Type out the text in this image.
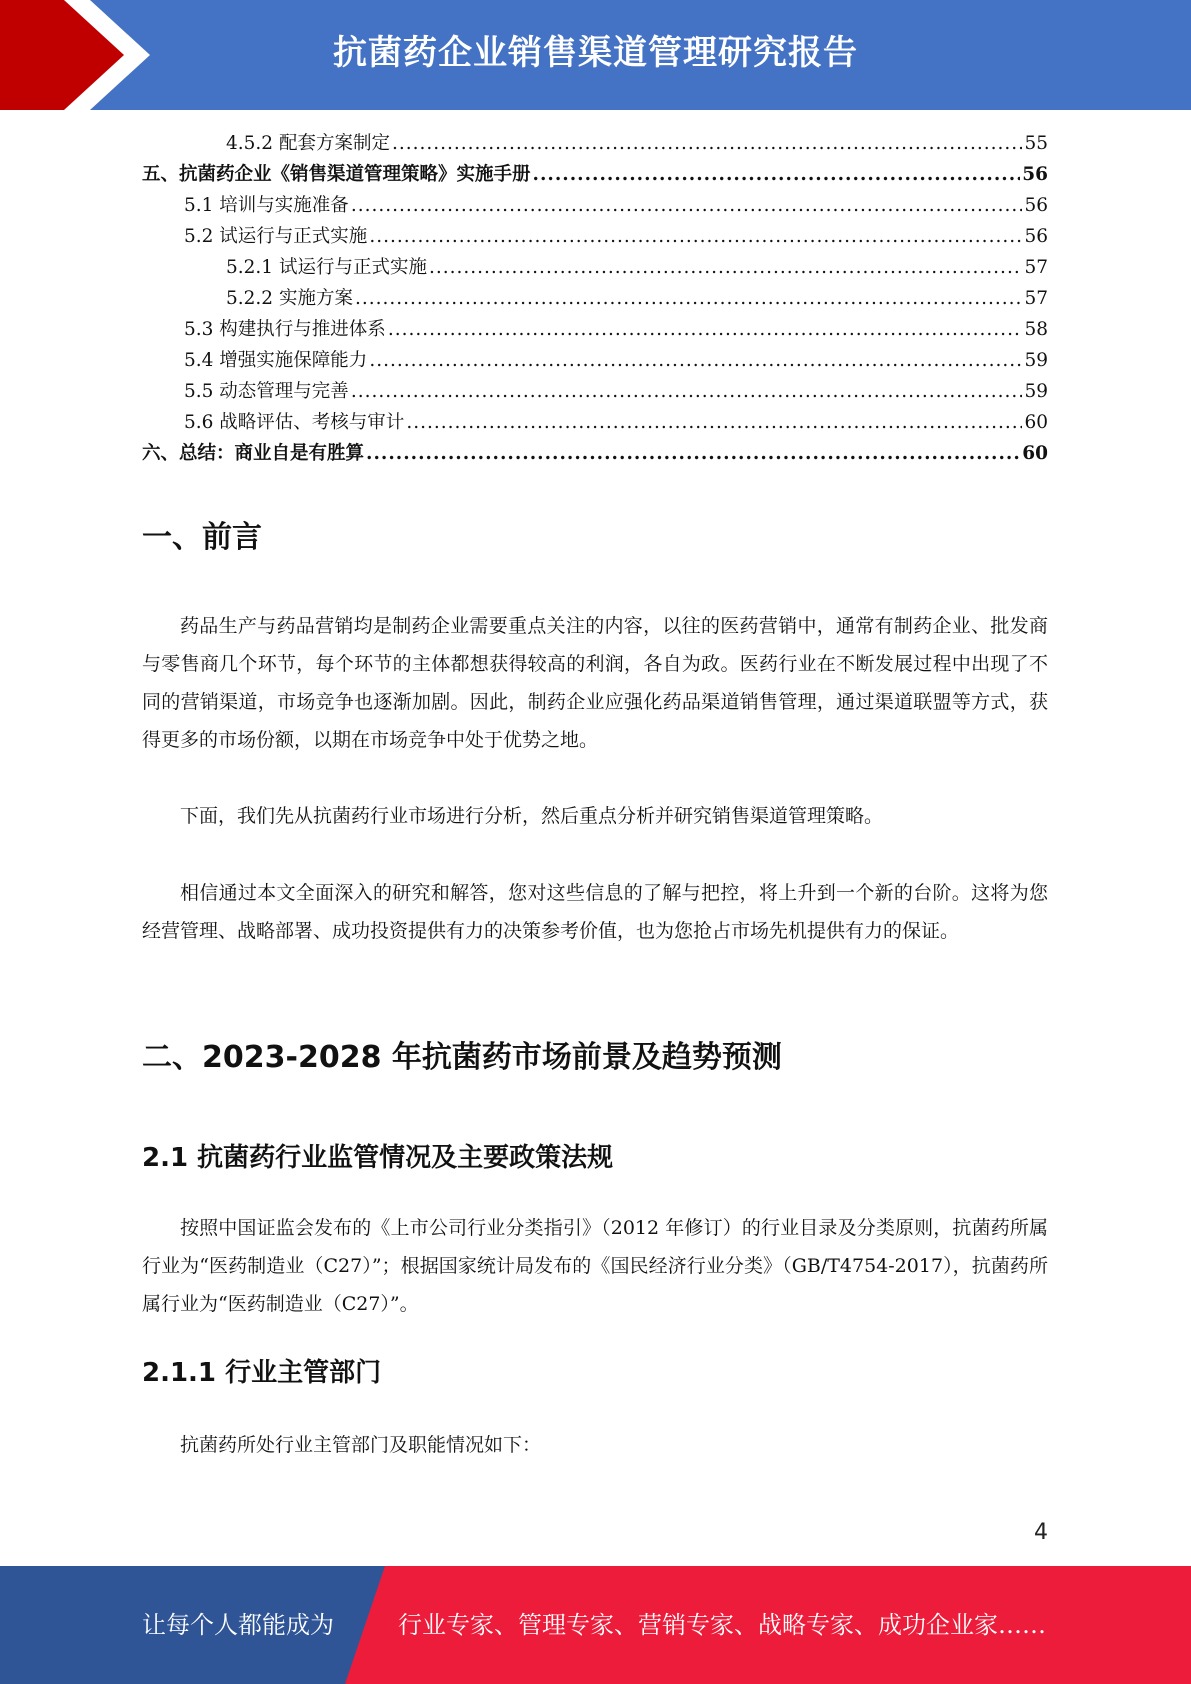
抗菌药企业销售渠道管理研究报告
4.5.2 配套方案制定 .....	55
五、抗菌药企业《销售渠道管理策略》实施手册 .....	56
5.1 培训与实施准备 .....	56
5.2 试运行与正式实施 .....	56
5.2.1 试运行与正式实施 .....	57
5.2.2 实施方案 .....	57
5.3 构建执行与推进体系 .....	58
5.4 增强实施保障能力 .....	59
5.5 动态管理与完善 .....	59
5.6 战略评估、考核与审计 .....	60
六、总结：商业自是有胜算 .....	60
一、前言

药品生产与药品营销均是制药企业需要重点关注的内容，以往的医药营销中，通常有制药企业、批发商与零售商几个环节，每个环节的主体都想获得较高的利润，各自为政。医药行业在不断发展过程中出现了不同的营销渠道，市场竞争也逐渐加剧。因此，制药企业应强化药品渠道销售管理，通过渠道联盟等方式，获得更多的市场份额，以期在市场竞争中处于优势之地。

下面，我们先从抗菌药行业市场进行分析，然后重点分析并研究销售渠道管理策略。

相信通过本文全面深入的研究和解答，您对这些信息的了解与把控，将上升到一个新的台阶。这将为您经营管理、战略部署、成功投资提供有力的决策参考价值，也为您抢占市场先机提供有力的保证。

二、2023-2028 年抗菌药市场前景及趋势预测
2.1 抗菌药行业监管情况及主要政策法规

按照中国证监会发布的《上市公司行业分类指引》（2012 年修订）的行业目录及分类原则，抗菌药所属行业为“医药制造业（C27）”；根据国家统计局发布的《国民经济行业分类》（GB/T4754-2017），抗菌药所属行业为“医药制造业（C27）”。

2.1.1 行业主管部门

抗菌药所处行业主管部门及职能情况如下：

4
让每个人都能成为	行业专家、管理专家、营销专家、战略专家、成功企业家……
